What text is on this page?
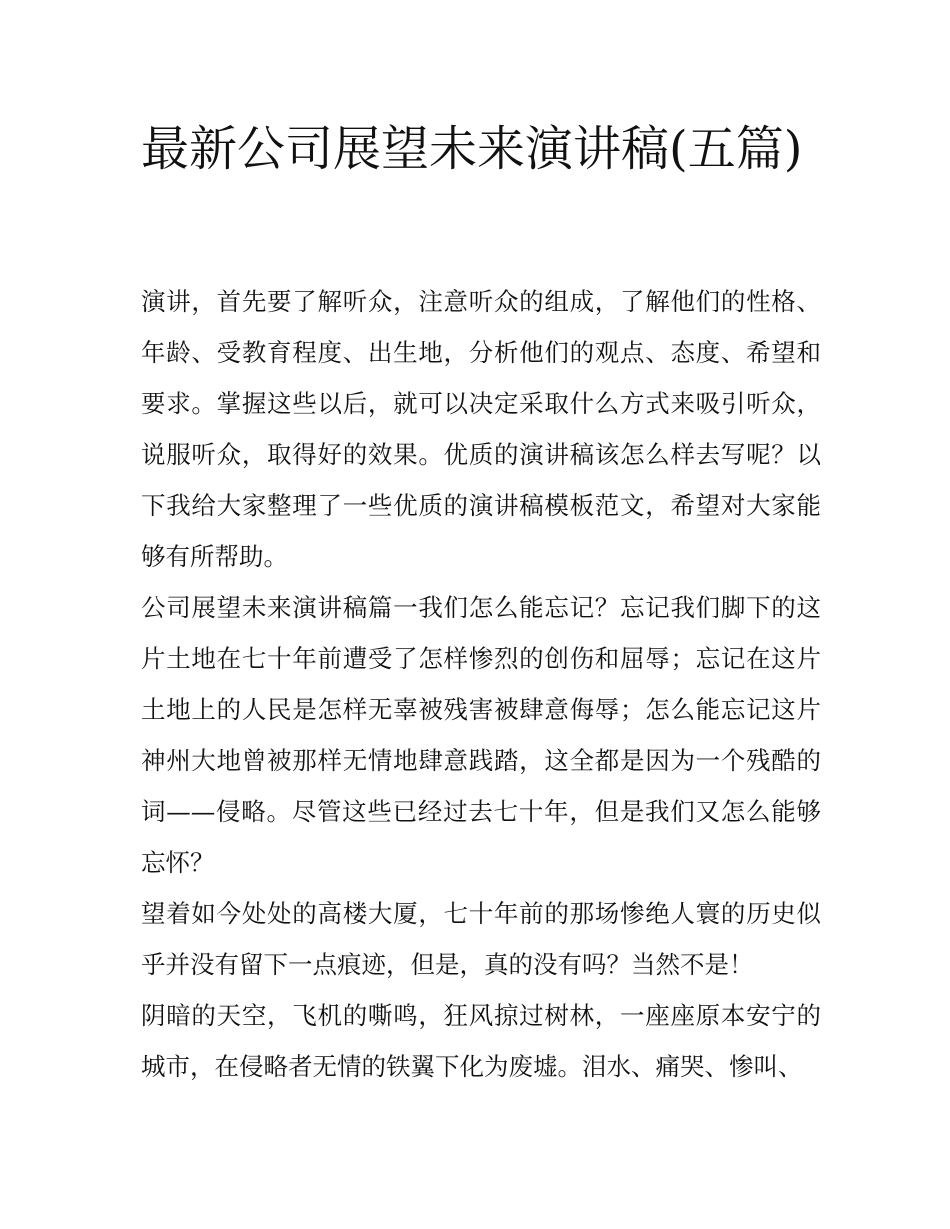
最新公司展望未来演讲稿(五篇)

演讲，首先要了解听众，注意听众的组成，了解他们的性格、年龄、受教育程度、出生地，分析他们的观点、态度、希望和要求。掌握这些以后，就可以决定采取什么方式来吸引听众，说服听众，取得好的效果。优质的演讲稿该怎么样去写呢？以下我给大家整理了一些优质的演讲稿模板范文，希望对大家能够有所帮助。

公司展望未来演讲稿篇一我们怎么能忘记？忘记我们脚下的这片土地在七十年前遭受了怎样惨烈的创伤和屈辱；忘记在这片土地上的人民是怎样无辜被残害被肆意侮辱；怎么能忘记这片神州大地曾被那样无情地肆意践踏，这全都是因为一个残酷的词——侵略。尽管这些已经过去七十年，但是我们又怎么能够忘怀？

望着如今处处的高楼大厦，七十年前的那场惨绝人寰的历史似乎并没有留下一点痕迹，但是，真的没有吗？当然不是！

阴暗的天空，飞机的嘶鸣，狂风掠过树林，一座座原本安宁的城市，在侵略者无情的铁翼下化为废墟。泪水、痛哭、惨叫、
